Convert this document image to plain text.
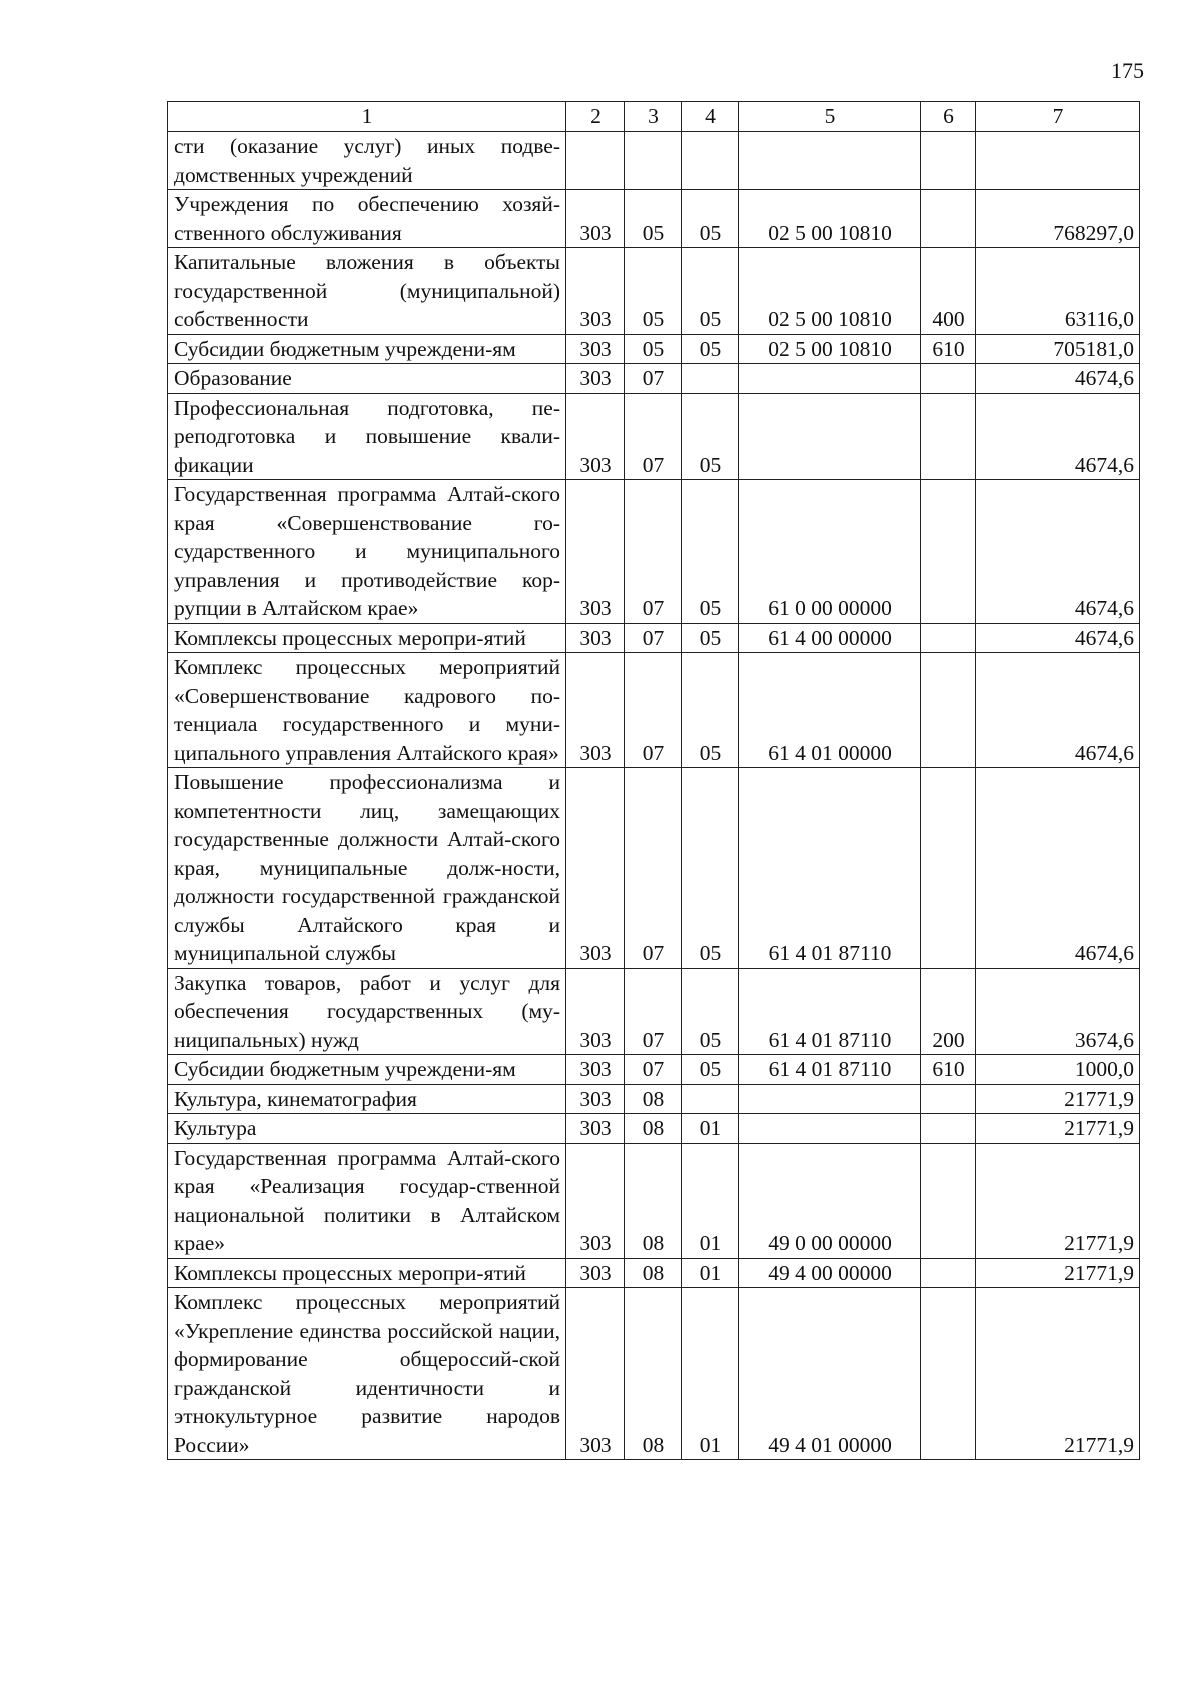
175
1	2	3	4	5	6	7
сти (оказание услуг) иных подве-домственных учреждений						
Учреждения по обеспечению хозяй-ственного обслуживания	303	05	05	02 5 00 10810		768297,0
Капитальные вложения в объекты государственной (муниципальной) собственности	303	05	05	02 5 00 10810	400	63116,0
Субсидии бюджетным учреждени-ям	303	05	05	02 5 00 10810	610	705181,0
Образование	303	07				4674,6
Профессиональная подготовка, пе-реподготовка и повышение квали-фикации	303	07	05			4674,6
Государственная программа Алтай-ского края «Совершенствование го-сударственного и муниципального управления и противодействие кор-рупции в Алтайском крае»	303	07	05	61 0 00 00000		4674,6
Комплексы процессных меропри-ятий	303	07	05	61 4 00 00000		4674,6
Комплекс процессных мероприятий «Совершенствование кадрового по-тенциала государственного и муни-ципального управления Алтайского края»	303	07	05	61 4 01 00000		4674,6
Повышение профессионализма и компетентности лиц, замещающих государственные должности Алтай-ского края, муниципальные долж-ности, должности государственной гражданской службы Алтайского края и муниципальной службы	303	07	05	61 4 01 87110		4674,6
Закупка товаров, работ и услуг для обеспечения государственных (му-ниципальных) нужд	303	07	05	61 4 01 87110	200	3674,6
Субсидии бюджетным учреждени-ям	303	07	05	61 4 01 87110	610	1000,0
Культура, кинематография	303	08				21771,9
Культура	303	08	01			21771,9
Государственная программа Алтай-ского края «Реализация государ-ственной национальной политики в Алтайском крае»	303	08	01	49 0 00 00000		21771,9
Комплексы процессных меропри-ятий	303	08	01	49 4 00 00000		21771,9
Комплекс процессных мероприятий «Укрепление единства российской нации, формирование общероссий-ской гражданской идентичности и этнокультурное развитие народов России»	303	08	01	49 4 01 00000		21771,9
